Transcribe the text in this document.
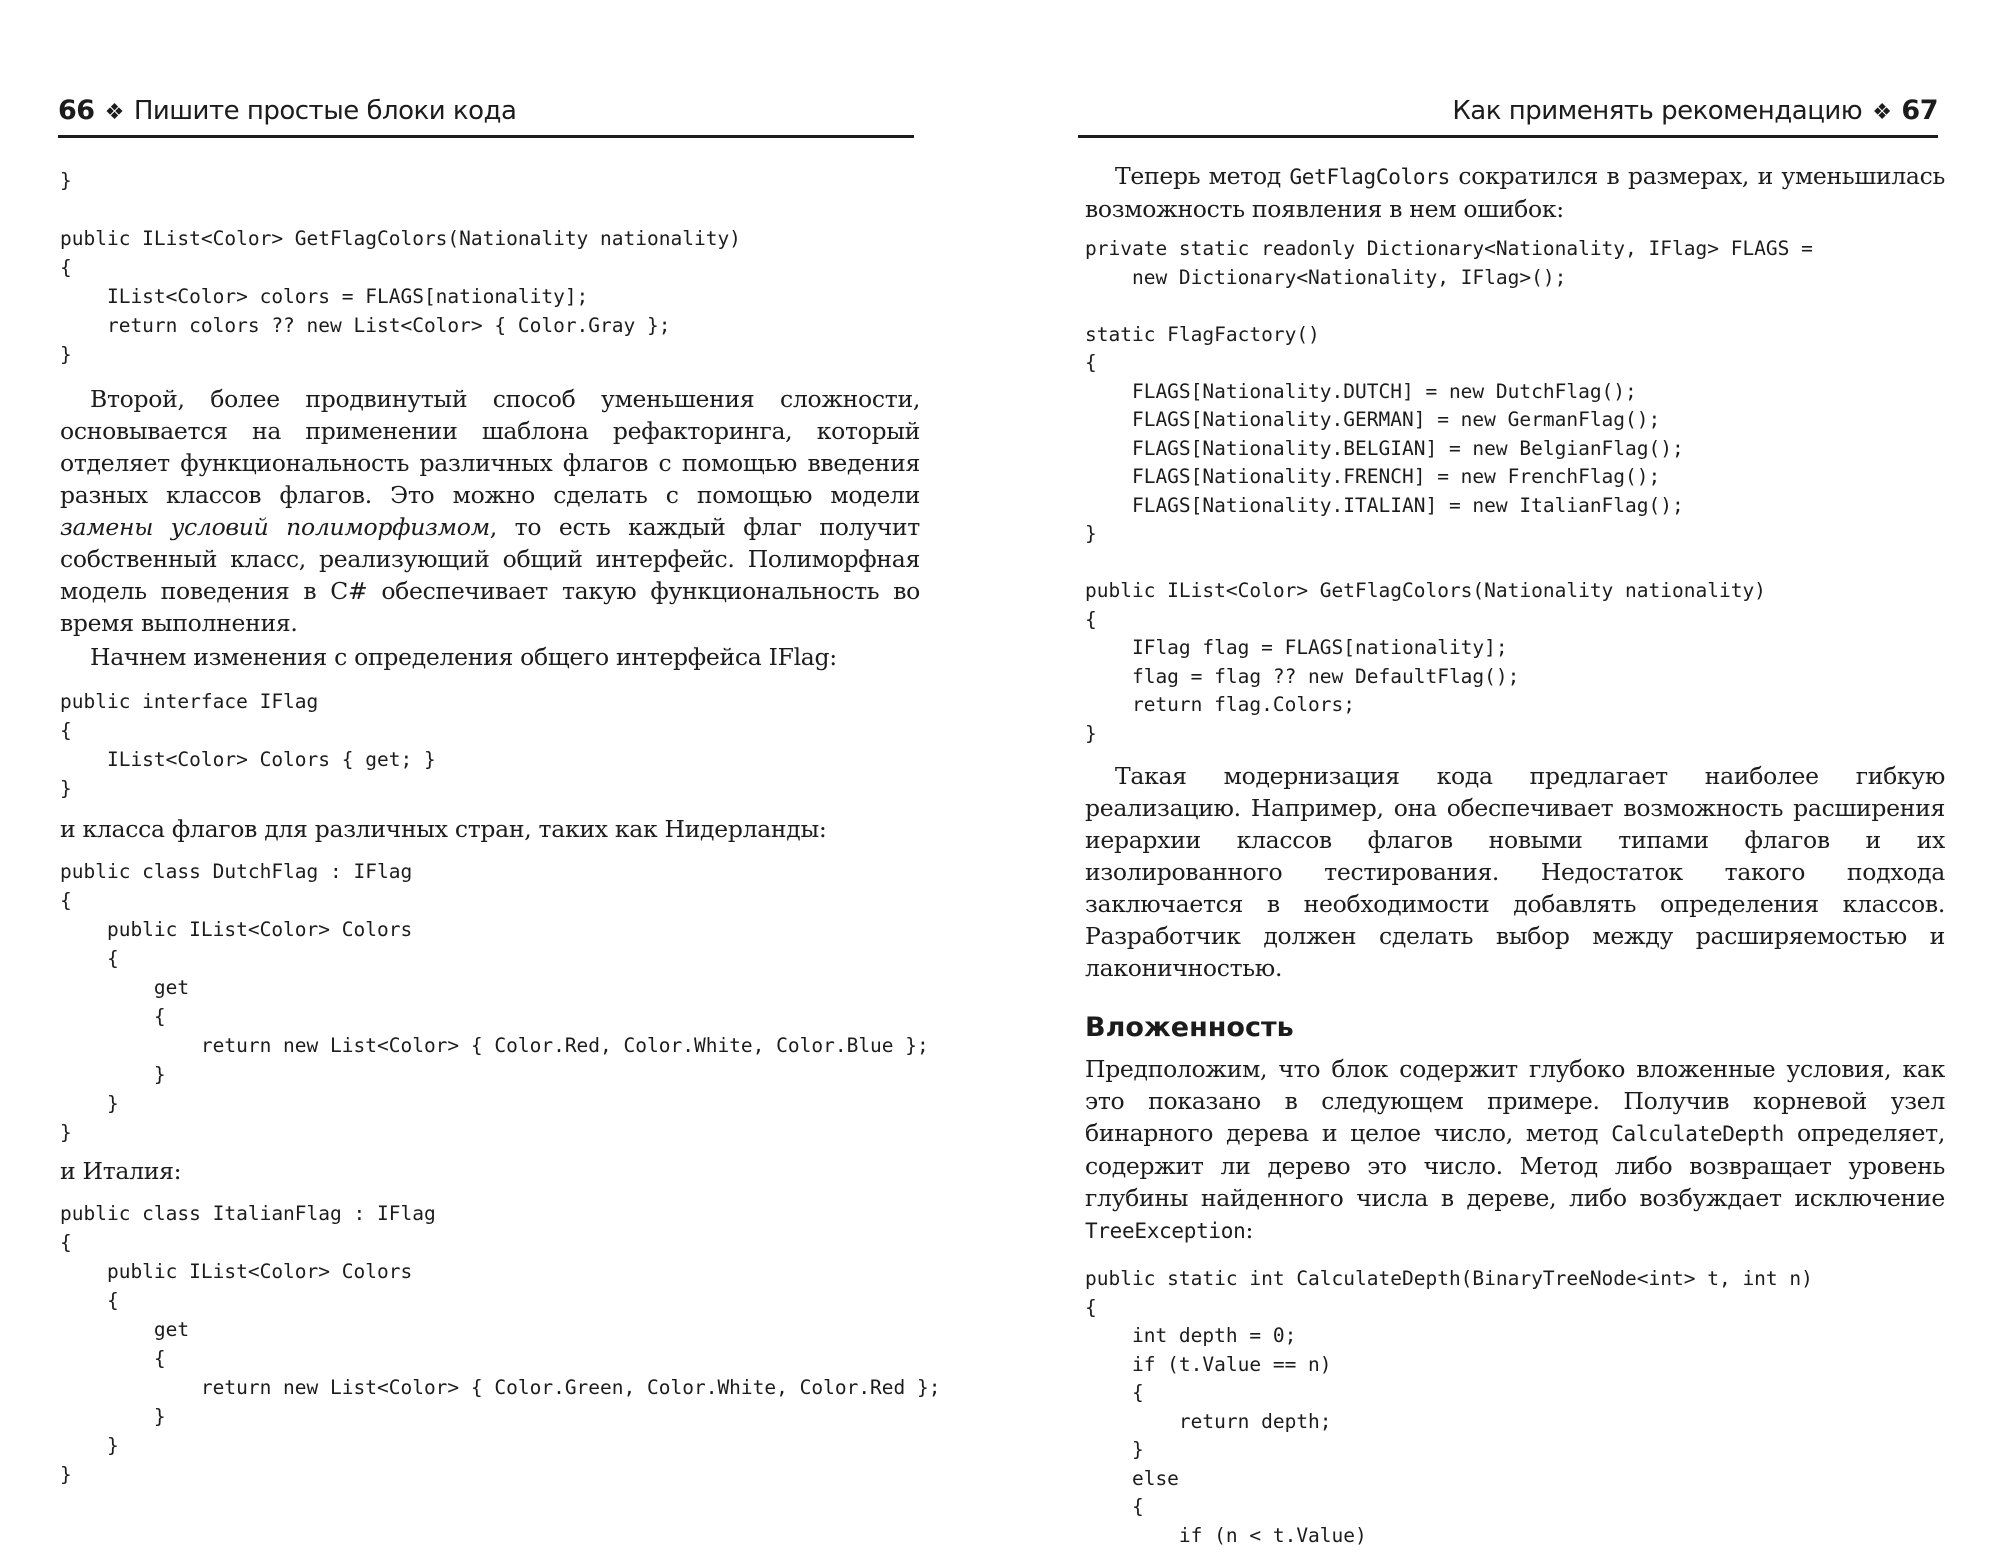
66 ❖ Пишите простые блоки кода
}

public IList<Color> GetFlagColors(Nationality nationality)
{
IList<Color> colors = FLAGS[nationality];
return colors ?? new List<Color> { Color.Gray };
}

Второй, более продвинутый способ уменьшения сложности, основывается на применении шаблона рефакторинга, который отделяет функциональность различных флагов с помощью введения разных классов флагов. Это можно сделать с помощью модели замены условий полиморфизмом, то есть каждый флаг получит собственный класс, реализующий общий интерфейс. Полиморфная модель поведения в C# обеспечивает такую функциональность во время выполнения.

Начнем изменения с определения общего интерфейса IFlag:

public interface IFlag
{
IList<Color> Colors { get; }
}

и класса флагов для различных стран, таких как Нидерланды:

public class DutchFlag : IFlag
{
public IList<Color> Colors
{
get
{
return new List<Color> { Color.Red, Color.White, Color.Blue };
}
}
}

и Италия:

public class ItalianFlag : IFlag
{
public IList<Color> Colors
{
get
{
return new List<Color> { Color.Green, Color.White, Color.Red };
}
}
}
Как применять рекомендацию ❖ 67

Теперь метод GetFlagColors сократился в размерах, и уменьшилась возможность появления в нем ошибок:

private static readonly Dictionary<Nationality, IFlag> FLAGS =
new Dictionary<Nationality, IFlag>();

static FlagFactory()
{
FLAGS[Nationality.DUTCH] = new DutchFlag();
FLAGS[Nationality.GERMAN] = new GermanFlag();
FLAGS[Nationality.BELGIAN] = new BelgianFlag();
FLAGS[Nationality.FRENCH] = new FrenchFlag();
FLAGS[Nationality.ITALIAN] = new ItalianFlag();
}

public IList<Color> GetFlagColors(Nationality nationality)
{
IFlag flag = FLAGS[nationality];
flag = flag ?? new DefaultFlag();
return flag.Colors;
}

Такая модернизация кода предлагает наиболее гибкую реализацию. Например, она обеспечивает возможность расширения иерархии классов флагов новыми типами флагов и их изолированного тестирования. Недостаток такого подхода заключается в необходимости добавлять определения классов. Разработчик должен сделать выбор между расширяемостью и лаконичностью.

Вложенность

Предположим, что блок содержит глубоко вложенные условия, как это показано в следующем примере. Получив корневой узел бинарного дерева и целое число, метод CalculateDepth определяет, содержит ли дерево это число. Метод либо возвращает уровень глубины найденного числа в дереве, либо возбуждает исключение TreeException:

public static int CalculateDepth(BinaryTreeNode<int> t, int n)
{
int depth = 0;
if (t.Value == n)
{
return depth;
}
else
{
if (n < t.Value)
